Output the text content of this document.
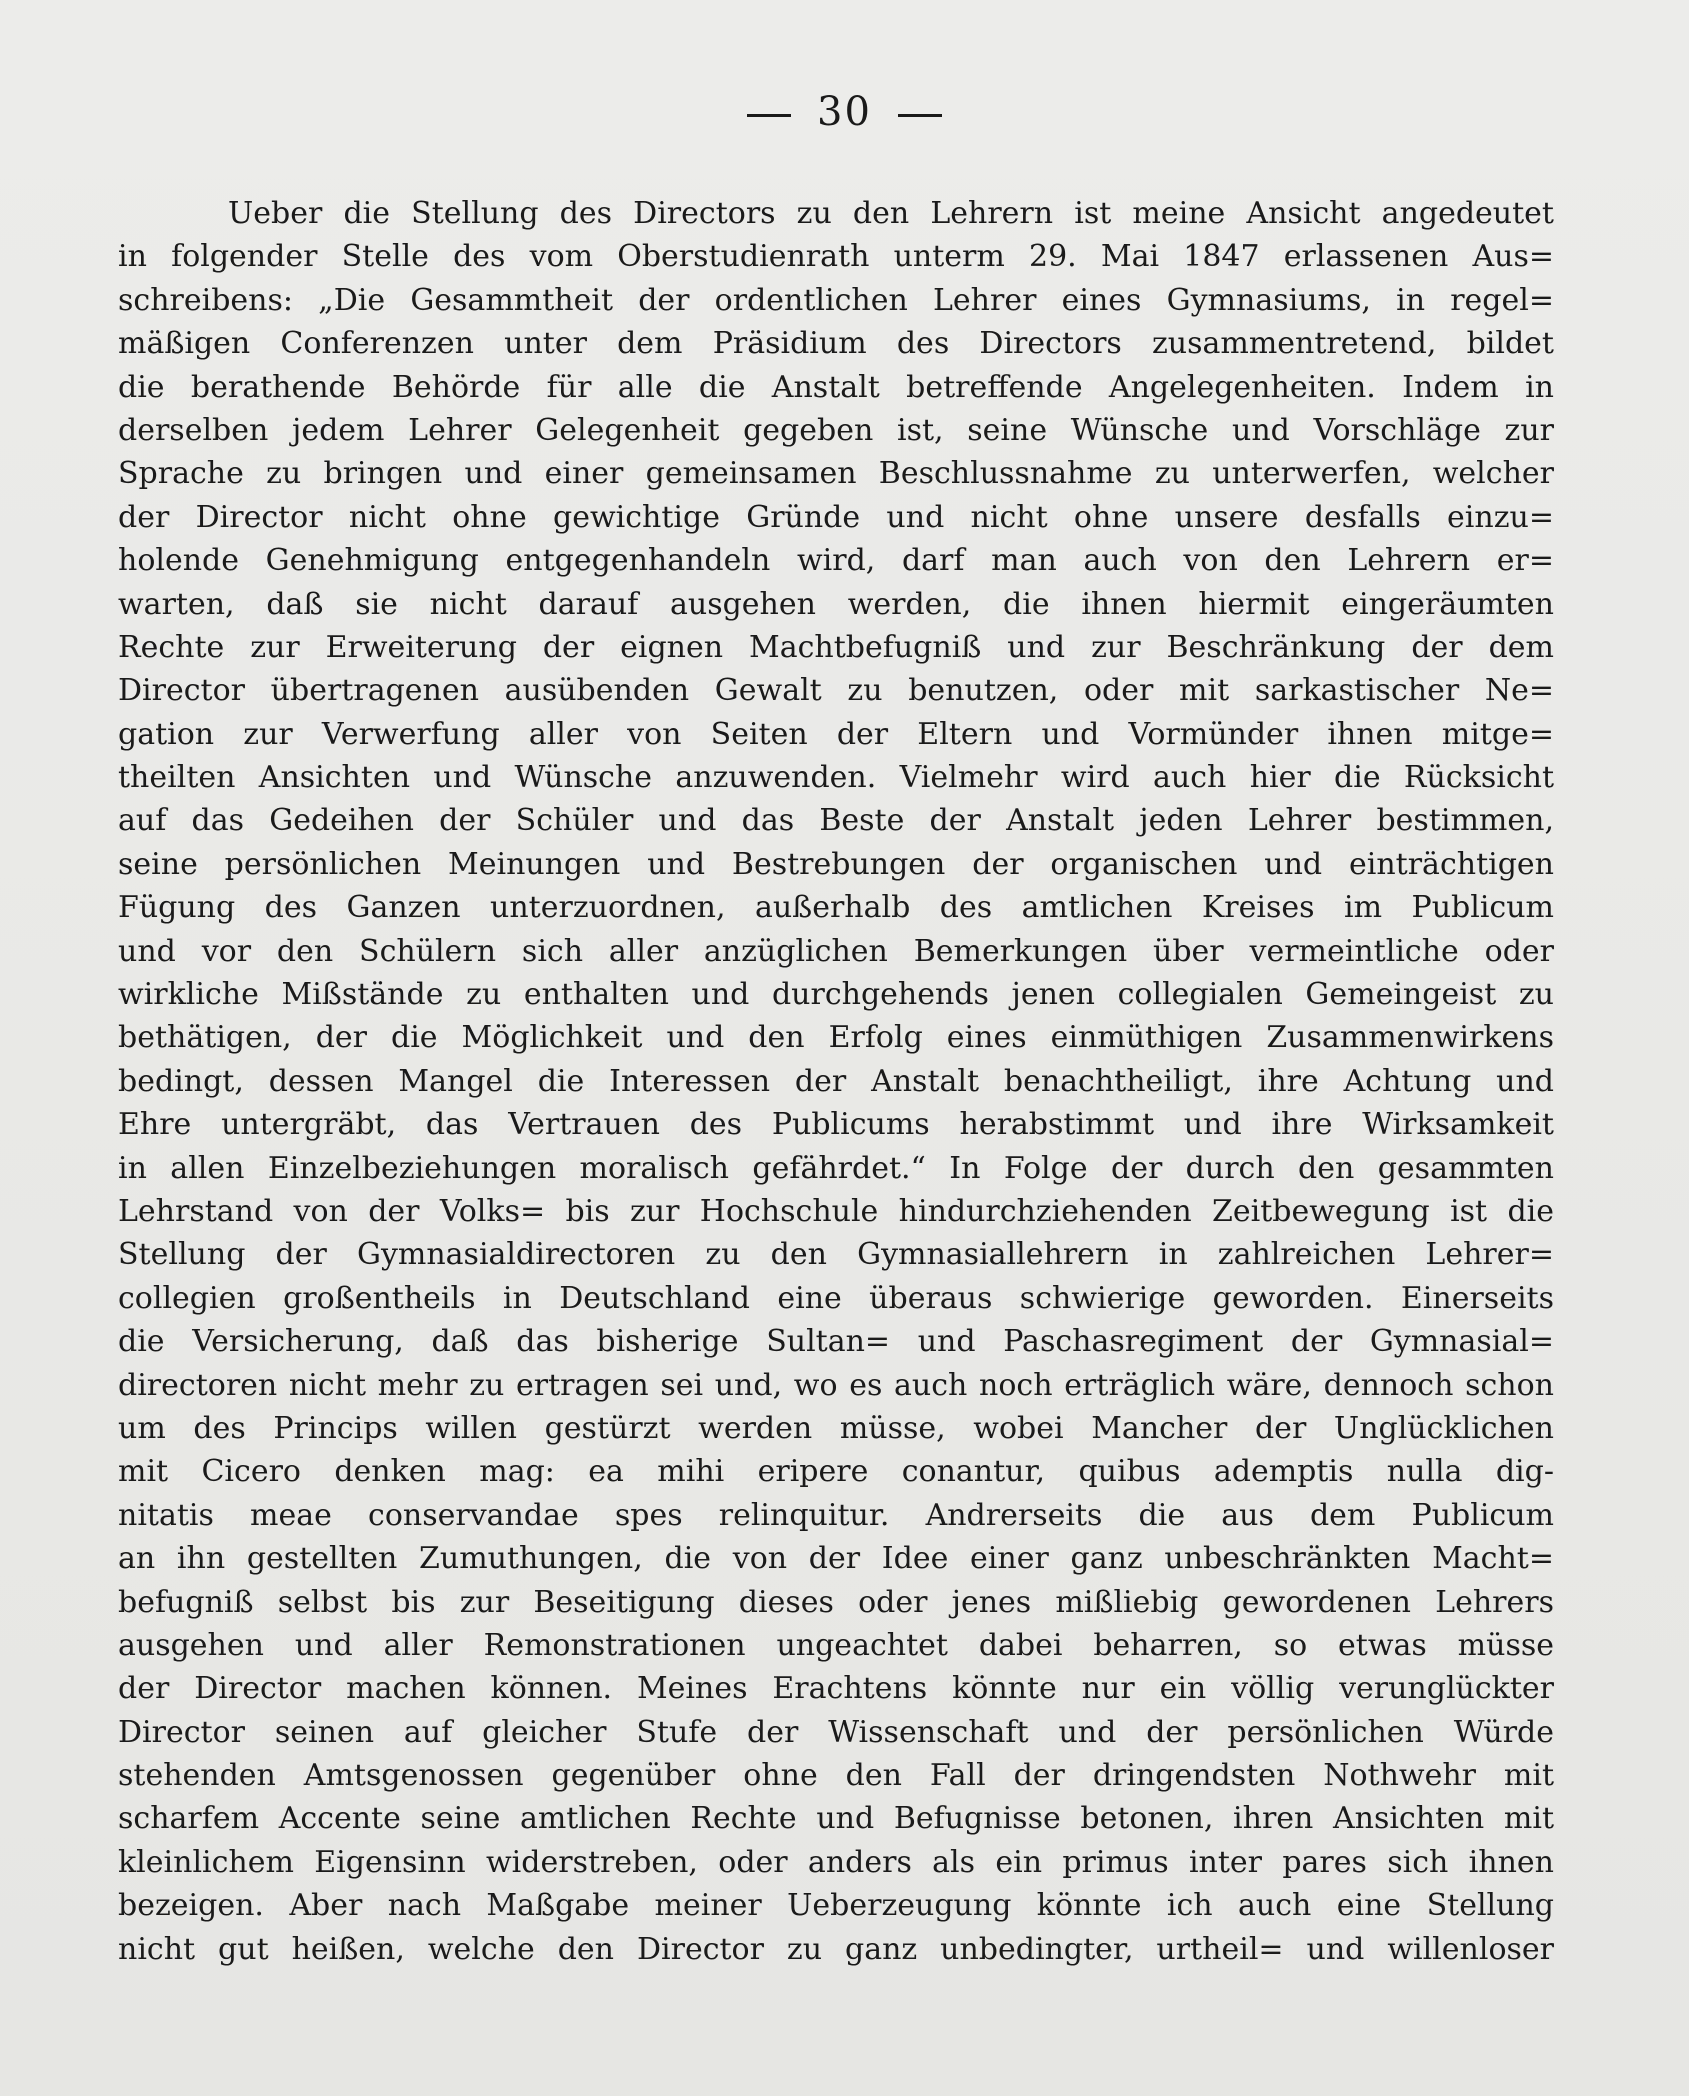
30
Ueber die Stellung des Directors zu den Lehrern ist meine Ansicht angedeutet
in folgender Stelle des vom Oberstudienrath unterm 29. Mai 1847 erlassenen Aus=
schreibens: „Die Gesammtheit der ordentlichen Lehrer eines Gymnasiums, in regel=
mäßigen Conferenzen unter dem Präsidium des Directors zusammentretend, bildet
die berathende Behörde für alle die Anstalt betreffende Angelegenheiten. Indem in
derselben jedem Lehrer Gelegenheit gegeben ist, seine Wünsche und Vorschläge zur
Sprache zu bringen und einer gemeinsamen Beschlussnahme zu unterwerfen, welcher
der Director nicht ohne gewichtige Gründe und nicht ohne unsere desfalls einzu=
holende Genehmigung entgegenhandeln wird, darf man auch von den Lehrern er=
warten, daß sie nicht darauf ausgehen werden, die ihnen hiermit eingeräumten
Rechte zur Erweiterung der eignen Machtbefugniß und zur Beschränkung der dem
Director übertragenen ausübenden Gewalt zu benutzen, oder mit sarkastischer Ne=
gation zur Verwerfung aller von Seiten der Eltern und Vormünder ihnen mitge=
theilten Ansichten und Wünsche anzuwenden. Vielmehr wird auch hier die Rücksicht
auf das Gedeihen der Schüler und das Beste der Anstalt jeden Lehrer bestimmen,
seine persönlichen Meinungen und Bestrebungen der organischen und einträchtigen
Fügung des Ganzen unterzuordnen, außerhalb des amtlichen Kreises im Publicum
und vor den Schülern sich aller anzüglichen Bemerkungen über vermeintliche oder
wirkliche Mißstände zu enthalten und durchgehends jenen collegialen Gemeingeist zu
bethätigen, der die Möglichkeit und den Erfolg eines einmüthigen Zusammenwirkens
bedingt, dessen Mangel die Interessen der Anstalt benachtheiligt, ihre Achtung und
Ehre untergräbt, das Vertrauen des Publicums herabstimmt und ihre Wirksamkeit
in allen Einzelbeziehungen moralisch gefährdet.“ In Folge der durch den gesammten
Lehrstand von der Volks= bis zur Hochschule hindurchziehenden Zeitbewegung ist die
Stellung der Gymnasialdirectoren zu den Gymnasiallehrern in zahlreichen Lehrer=
collegien großentheils in Deutschland eine überaus schwierige geworden. Einerseits
die Versicherung, daß das bisherige Sultan= und Paschasregiment der Gymnasial=
directoren nicht mehr zu ertragen sei und, wo es auch noch erträglich wäre, dennoch schon
um des Princips willen gestürzt werden müsse, wobei Mancher der Unglücklichen
mit Cicero denken mag: ea mihi eripere conantur, quibus ademptis nulla dig-
nitatis meae conservandae spes relinquitur. Andrerseits die aus dem Publicum
an ihn gestellten Zumuthungen, die von der Idee einer ganz unbeschränkten Macht=
befugniß selbst bis zur Beseitigung dieses oder jenes mißliebig gewordenen Lehrers
ausgehen und aller Remonstrationen ungeachtet dabei beharren, so etwas müsse
der Director machen können. Meines Erachtens könnte nur ein völlig verunglückter
Director seinen auf gleicher Stufe der Wissenschaft und der persönlichen Würde
stehenden Amtsgenossen gegenüber ohne den Fall der dringendsten Nothwehr mit
scharfem Accente seine amtlichen Rechte und Befugnisse betonen, ihren Ansichten mit
kleinlichem Eigensinn widerstreben, oder anders als ein primus inter pares sich ihnen
bezeigen. Aber nach Maßgabe meiner Ueberzeugung könnte ich auch eine Stellung
nicht gut heißen, welche den Director zu ganz unbedingter, urtheil= und willenloser
